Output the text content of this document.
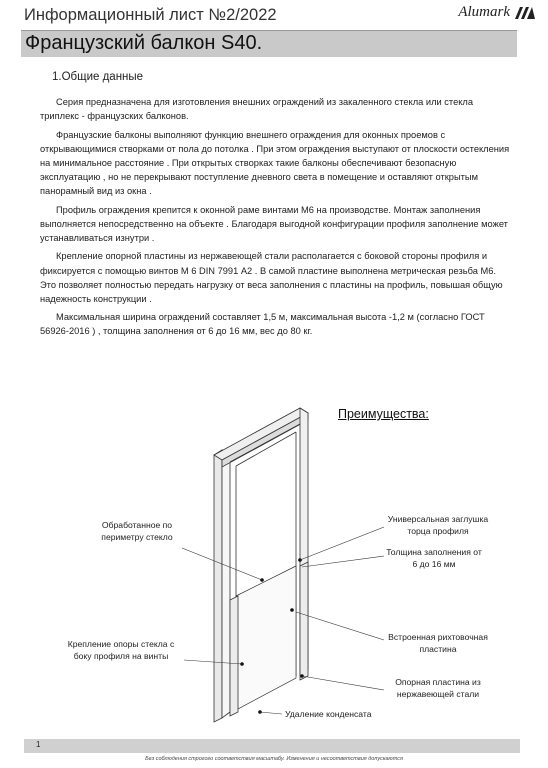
Информационный лист №2/2022	Alumark
Французский балкон S40.
1.Общие данные

Серия предназначена для изготовления внешних ограждений из закаленного стекла или стекла триплекс - французских балконов.

Французские балконы выполняют функцию внешнего ограждения для оконных проемов с открывающимися створками от пола до потолка . При этом ограждения выступают от плоскости остекления на минимальное расстояние . При открытых створках такие балконы обеспечивают безопасную эксплуатацию , но не перекрывают поступление дневного света в помещение и оставляют открытым панорамный вид из окна .

Профиль ограждения крепится к оконной раме винтами М6 на производстве. Монтаж заполнения выполняется непосредственно на объекте . Благодаря выгодной конфигурации профиля заполнение может устанавливаться изнутри .

Крепление опорной пластины из нержавеющей стали располагается с боковой стороны профиля и фиксируется с помощью винтов М 6 DIN 7991 А2 . В самой пластине выполнена метрическая резьба М6. Это позволяет полностью передать нагрузку от веса заполнения с пластины на профиль, повышая общую надежность конструкции .

Максимальная ширина ограждений составляет 1,5 м, максимальная высота -1,2 м (согласно ГОСТ 56926-2016 ) , толщина заполнения от 6 до 16 мм, вес до 80 кг.

Преимущества:
Обработанное по периметру стекло
Крепление опоры стекла с боку профиля на винты
Универсальная заглушка торца профиля
Толщина заполнения от 6 до 16 мм
Встроенная рихтовочная пластина
Опорная пластина из нержавеющей стали
Удаление конденсата
1
Без соблюдения строгого соответствия масштабу. Изменения и несоответствия допускаются
